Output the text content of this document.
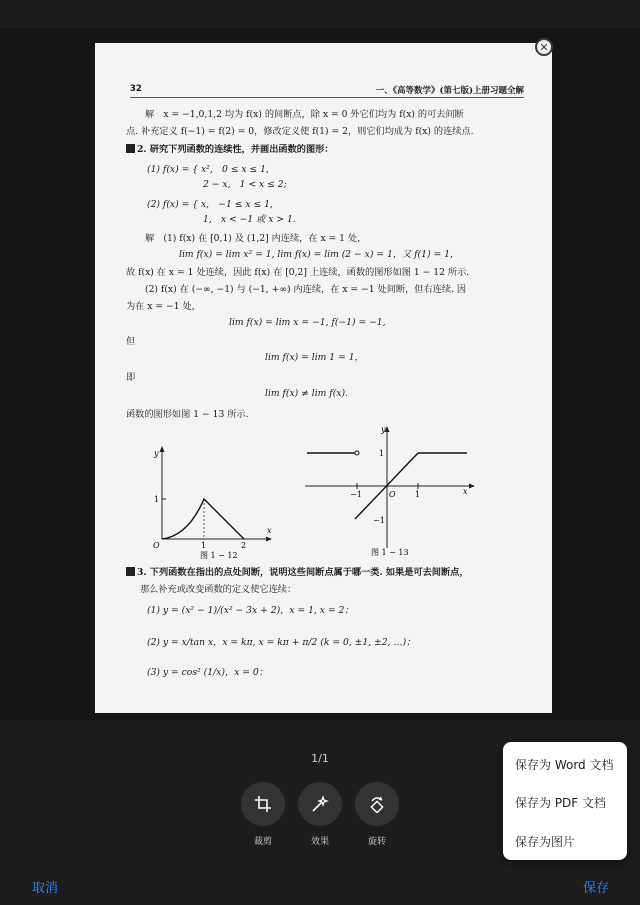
32	一、《高等数学》(第七版)上册习题全解
解　x = −1,0,1,2 均为 f(x) 的间断点，除 x = 0 外它们均为 f(x) 的可去间断
点. 补充定义 f(−1) = f(2) = 0，修改定义使 f(1) = 2，则它们均成为 f(x) 的连续点.
2. 研究下列函数的连续性，并画出函数的图形：
(1) f(x) = { x²,　0 ≤ x ≤ 1,
2 − x,　1 < x ≤ 2;
(2) f(x) = { x,　−1 ≤ x ≤ 1,
1,　x < −1 或 x > 1.
解　(1) f(x) 在 [0,1) 及 (1,2] 内连续，在 x = 1 处，
lim f(x) = lim x² = 1, lim f(x) = lim (2 − x) = 1，又 f(1) = 1，
故 f(x) 在 x = 1 处连续，因此 f(x) 在 [0,2] 上连续，函数的图形如图 1 − 12 所示.
(2) f(x) 在 (−∞, −1) 与 (−1, +∞) 内连续，在 x = −1 处间断，但右连续. 因
为在 x = −1 处，
lim f(x) = lim x = −1, f(−1) = −1,
但
lim f(x) = lim 1 = 1，
即
lim f(x) ≠ lim f(x).
函数的图形如图 1 − 13 所示.
y
x
O	1	2
1
图 1 − 12
y
x
O
−1	1
1
−1
图 1 − 13
3. 下列函数在指出的点处间断，说明这些间断点属于哪一类. 如果是可去间断点，
那么补充或改变函数的定义使它连续：
(1) y = (x² − 1)/(x² − 3x + 2)，x = 1, x = 2；
(2) y = x/tan x，x = kπ, x = kπ + π/2 (k = 0, ±1, ±2, …)；
(3) y = cos² (1/x)，x = 0；
✕
1/1
裁剪	效果	旋转
取消	保存
保存为 Word 文档
保存为 PDF 文档
保存为图片
